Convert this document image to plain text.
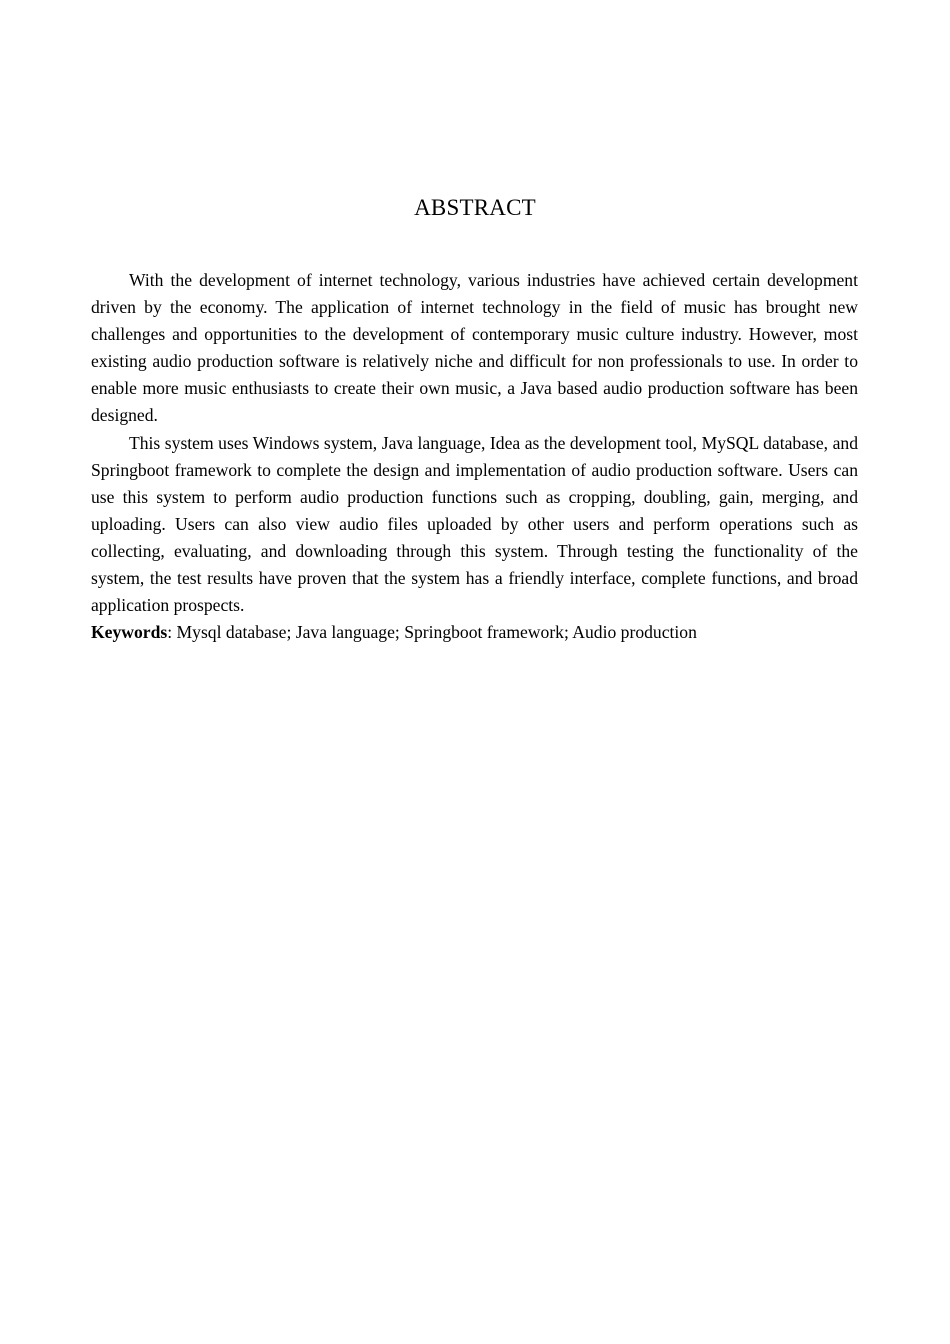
ABSTRACT

With the development of internet technology, various industries have achieved certain development driven by the economy. The application of internet technology in the field of music has brought new challenges and opportunities to the development of contemporary music culture industry. However, most existing audio production software is relatively niche and difficult for non professionals to use. In order to enable more music enthusiasts to create their own music, a Java based audio production software has been designed.

This system uses Windows system, Java language, Idea as the development tool, MySQL database, and Springboot framework to complete the design and implementation of audio production software. Users can use this system to perform audio production functions such as cropping, doubling, gain, merging, and uploading. Users can also view audio files uploaded by other users and perform operations such as collecting, evaluating, and downloading through this system. Through testing the functionality of the system, the test results have proven that the system has a friendly interface, complete functions, and broad application prospects.

Keywords: Mysql database; Java language; Springboot framework; Audio production
